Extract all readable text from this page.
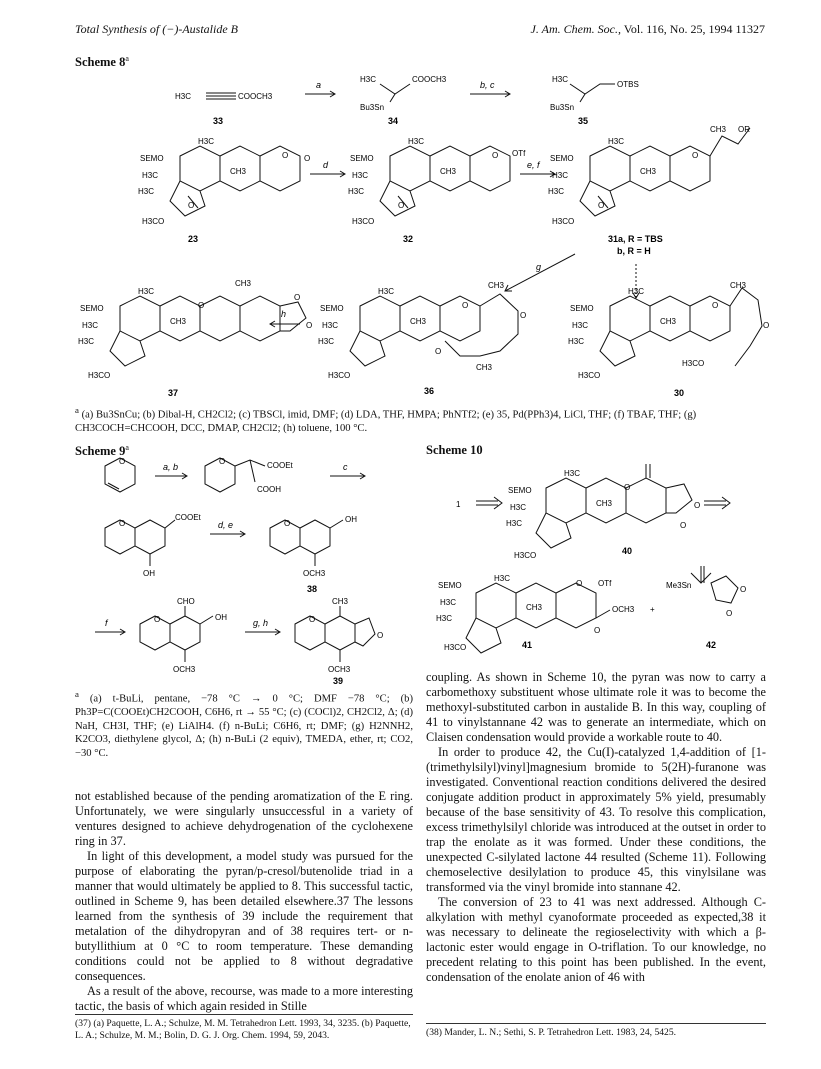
Total Synthesis of (−)-Austalide B	J. Am. Chem. Soc., Vol. 116, No. 25, 1994 11327
Scheme 8$^a$
H3C	COOCH3
33
a
H3C	COOCH3
Bu3Sn
34
b, c
H3C
OTBS
Bu3Sn
35
SEMO
H3C
CH3
H3C
H3C
O
O O
H3CO
23
d
SEMO
H3C
CH3
H3C
H3C
O
O OTf
H3CO
32
e, f
SEMO
H3C
CH3
H3C
H3C
O
O
CH3 OR
H3CO
31a, R = TBS
b, R = H
g
SEMO
H3C
CH3
H3C
H3C
O
CH3
O
O
H3CO
37
h
SEMO
H3C
CH3
H3C
H3C
O
CH3
O
O
CH3
H3CO
36
SEMO
H3C
CH3
H3C
H3C
O
CH3
O
H3CO
H3CO
30
$^a$ (a) Bu3SnCu; (b) Dibal-H, CH2Cl2; (c) TBSCl, imid, DMF; (d) LDA, THF, HMPA; PhNTf2; (e) 35, Pd(PPh3)4, LiCl, THF; (f) TBAF, THF; (g) CH3COCH=CHCOOH, DCC, DMAP, CH2Cl2; (h) toluene, 100 °C.
Scheme 9$^a$
O
a, b
O	COOEt
COOH
c
O
COOEt
OH
d, e	O	OH
OCH3
38
f	O
CHO
OH
OCH3
g, h	O
CH3
O
OCH3
39
$^a$ (a) t-BuLi, pentane, −78 °C → 0 °C; DMF −78 °C; (b) Ph3P=C(COOEt)CH2COOH, C6H6, rt → 55 °C; (c) (COCl)2, CH2Cl2, Δ; (d) NaH, CH3I, THF; (e) LiAlH4. (f) n-BuLi; C6H6, rt; DMF; (g) H2NNH2, K2CO3, diethylene glycol, Δ; (h) n-BuLi (2 equiv), TMEDA, ether, rt; CO2, −30 °C.
Scheme 10
1
SEMO
H3C
CH3
H3C
H3C
O
O
O
H3CO	40
SEMO
H3C
CH3
H3C
H3C
O OTf
OCH3
O
H3CO	41
+
Me3Sn	O
O
42

not established because of the pending aromatization of the E ring. Unfortunately, we were singularly unsuccessful in a variety of ventures designed to achieve dehydrogenation of the cyclohexene ring in 37.

In light of this development, a model study was pursued for the purpose of elaborating the pyran/p-cresol/butenolide triad in a manner that would ultimately be applied to 8. This successful tactic, outlined in Scheme 9, has been detailed elsewhere.37 The lessons learned from the synthesis of 39 include the requirement that metalation of the dihydropyran and of 38 requires tert- or n-butyllithium at 0 °C to room temperature. These demanding conditions could not be applied to 8 without degradative consequences.

As a result of the above, recourse, was made to a more interesting tactic, the basis of which again resided in Stille

(37) (a) Paquette, L. A.; Schulze, M. M. Tetrahedron Lett. 1993, 34, 3235. (b) Paquette, L. A.; Schulze, M. M.; Bolin, D. G. J. Org. Chem. 1994, 59, 2043.

coupling. As shown in Scheme 10, the pyran was now to carry a carbomethoxy substituent whose ultimate role it was to become the methoxyl-substituted carbon in austalide B. In this way, coupling of 41 to vinylstannane 42 was to generate an intermediate, which on Claisen condensation would provide a workable route to 40.

In order to produce 42, the Cu(I)-catalyzed 1,4-addition of [1-(trimethylsilyl)vinyl]magnesium bromide to 5(2H)-furanone was investigated. Conventional reaction conditions delivered the desired conjugate addition product in approximately 5% yield, presumably because of the base sensitivity of 43. To resolve this complication, excess trimethylsilyl chloride was introduced at the outset in order to trap the enolate as it was formed. Under these conditions, the unexpected C-silylated lactone 44 resulted (Scheme 11). Following chemoselective desilylation to produce 45, this vinylsilane was transformed via the vinyl bromide into stannane 42.

The conversion of 23 to 41 was next addressed. Although C-alkylation with methyl cyanoformate proceeded as expected,38 it was necessary to delineate the regioselectivity with which a β-lactonic ester would engage in O-triflation. To our knowledge, no precedent relating to this point has been published. In the event, condensation of the enolate anion of 46 with

(38) Mander, L. N.; Sethi, S. P. Tetrahedron Lett. 1983, 24, 5425.
